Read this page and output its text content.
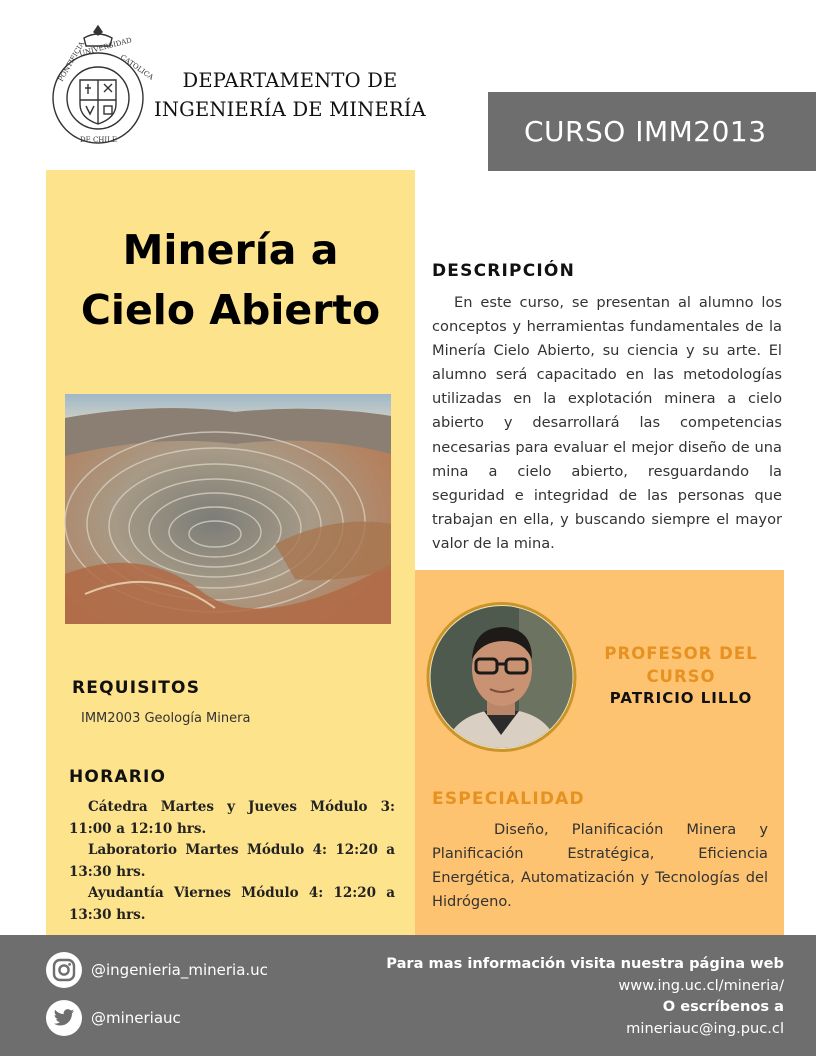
PONTIFICIA
UNIVERSIDAD
CATOLICA
DE CHILE
DEPARTAMENTO DE
INGENIERÍA DE MINERÍA
CURSO IMM2013
Minería a
Cielo Abierto
REQUISITOS
IMM2003 Geología Minera
HORARIO

Cátedra Martes y Jueves Módulo 3: 11:00 a 12:10 hrs.

Laboratorio Martes Módulo 4: 12:20 a 13:30 hrs.

Ayudantía Viernes Módulo 4: 12:20 a 13:30 hrs.

DESCRIPCIÓN
En este curso, se presentan al alumno los conceptos y herramientas fundamentales de la Minería Cielo Abierto, su ciencia y su arte. El alumno será capacitado en las metodologías utilizadas en la explotación minera a cielo abierto y desarrollará las competencias necesarias para evaluar el mejor diseño de una mina a cielo abierto, resguardando la seguridad e integridad de las personas que trabajan en ella, y buscando siempre el mayor valor de la mina.
PROFESOR DEL CURSO
PATRICIO LILLO
ESPECIALIDAD
Diseño, Planificación Minera y Planificación Estratégica, Eficiencia Energética, Automatización y Tecnologías del Hidrógeno.
@ingenieria_mineria.uc
@mineriauc
Para mas información visita nuestra página web
www.ing.uc.cl/mineria/
O escríbenos a
mineriauc@ing.puc.cl
